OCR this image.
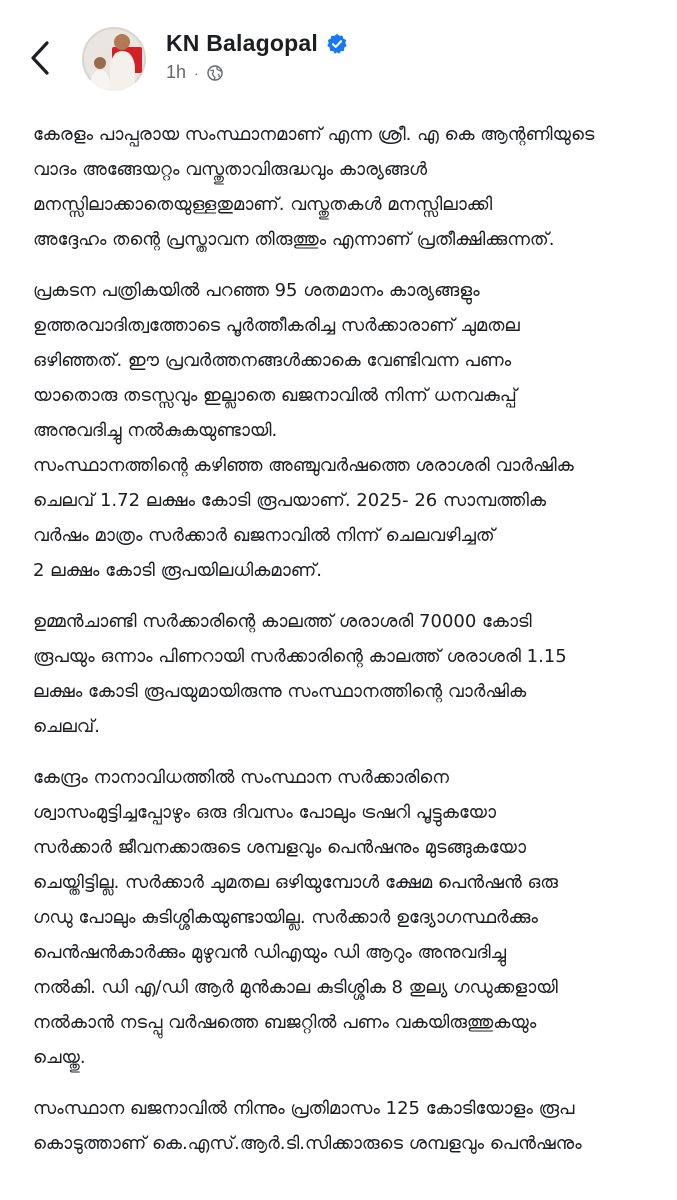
KN Balagopal
1h ·

കേരളം പാപ്പരായ സംസ്ഥാനമാണ് എന്ന ശ്രീ. എ കെ ആന്റണിയുടെ
വാദം അങ്ങേയറ്റം വസ്തുതാവിരുദ്ധവും കാര്യങ്ങൾ
മനസ്സിലാക്കാതെയുള്ളതുമാണ്. വസ്തുതകൾ മനസ്സിലാക്കി
അദ്ദേഹം തന്റെ പ്രസ്താവന തിരുത്തും എന്നാണ് പ്രതീക്ഷിക്കുന്നത്.

പ്രകടന പത്രികയിൽ പറഞ്ഞ 95 ശതമാനം കാര്യങ്ങളും
ഉത്തരവാദിത്വത്തോടെ പൂർത്തീകരിച്ച സർക്കാരാണ് ചുമതല
ഒഴിഞ്ഞത്. ഈ പ്രവർത്തനങ്ങൾക്കാകെ വേണ്ടിവന്ന പണം
യാതൊരു തടസ്സവും ഇല്ലാതെ ഖജനാവിൽ നിന്ന് ധനവകുപ്പ്
അനുവദിച്ചു നൽകുകയുണ്ടായി.
സംസ്ഥാനത്തിന്റെ കഴിഞ്ഞ അഞ്ചുവർഷത്തെ ശരാശരി വാർഷിക
ചെലവ് 1.72 ലക്ഷം കോടി രൂപയാണ്. 2025- 26 സാമ്പത്തിക
വർഷം മാത്രം സർക്കാർ ഖജനാവിൽ നിന്ന് ചെലവഴിച്ചത്
2 ലക്ഷം കോടി രൂപയിലധികമാണ്.

ഉമ്മൻചാണ്ടി സർക്കാരിന്റെ കാലത്ത് ശരാശരി 70000 കോടി
രൂപയും ഒന്നാം പിണറായി സർക്കാരിന്റെ കാലത്ത് ശരാശരി 1.15
ലക്ഷം കോടി രൂപയുമായിരുന്നു സംസ്ഥാനത്തിന്റെ വാർഷിക
ചെലവ്.

കേന്ദ്രം നാനാവിധത്തിൽ സംസ്ഥാന സർക്കാരിനെ
ശ്വാസംമുട്ടിച്ചപ്പോഴും ഒരു ദിവസം പോലും ട്രഷറി പൂട്ടുകയോ
സർക്കാർ ജീവനക്കാരുടെ ശമ്പളവും പെൻഷനും മുടങ്ങുകയോ
ചെയ്തിട്ടില്ല. സർക്കാർ ചുമതല ഒഴിയുമ്പോൾ ക്ഷേമ പെൻഷൻ ഒരു
ഗഡു പോലും കുടിശ്ശികയുണ്ടായില്ല. സർക്കാർ ഉദ്യോഗസ്ഥർക്കും
പെൻഷൻകാർക്കും മുഴുവൻ ഡിഎയും ഡി ആറും അനുവദിച്ചു
നൽകി. ഡി എ/ഡി ആർ മുൻകാല കുടിശ്ശിക 8 തുല്യ ഗഡുക്കളായി
നൽകാൻ നടപ്പു വർഷത്തെ ബജറ്റിൽ പണം വകയിരുത്തുകയും
ചെയ്തു.

സംസ്ഥാന ഖജനാവിൽ നിന്നും പ്രതിമാസം 125 കോടിയോളം രൂപ
കൊടുത്താണ് കെ.എസ്.ആർ.ടി.സിക്കാരുടെ ശമ്പളവും പെൻഷനും
